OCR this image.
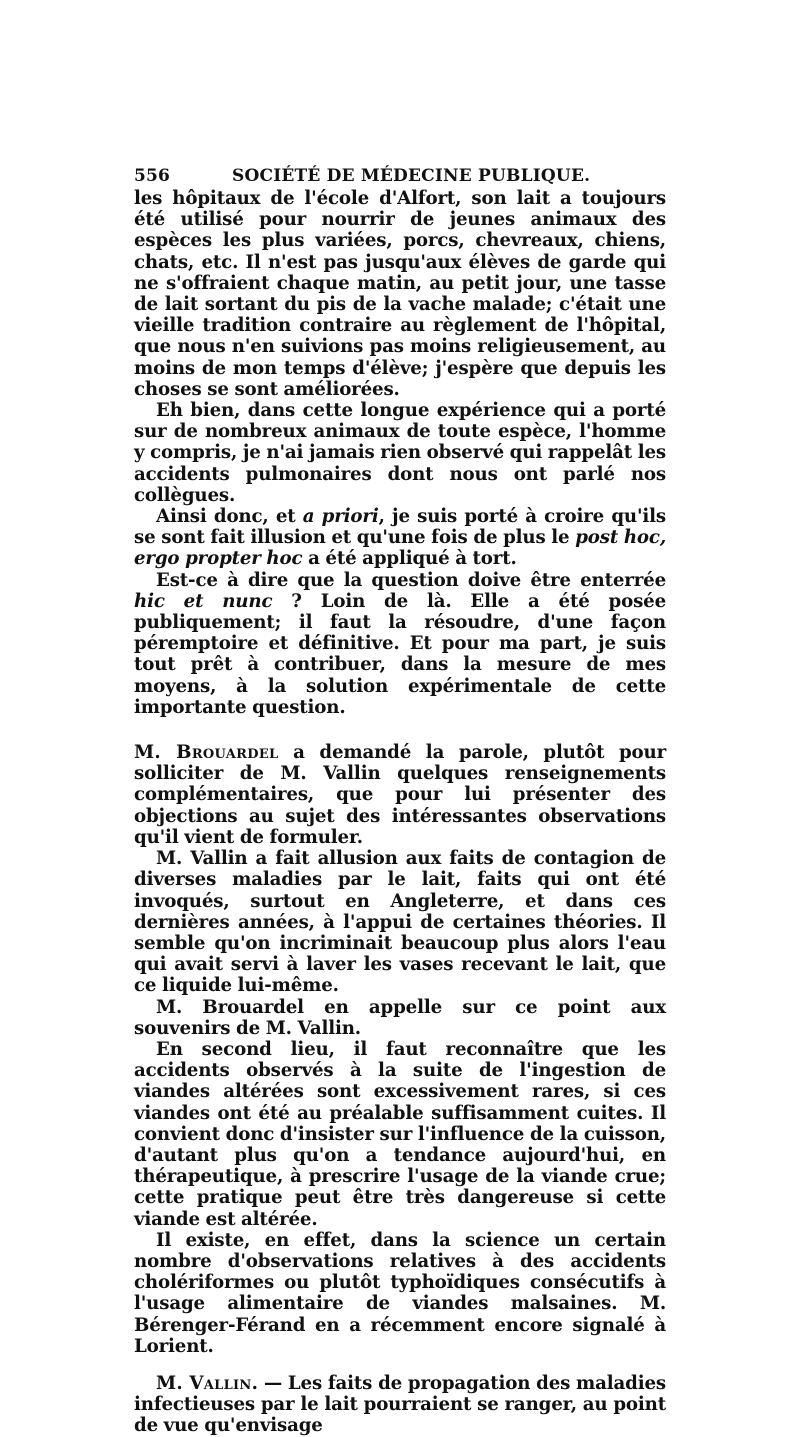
556	SOCIÉTÉ DE MÉDECINE PUBLIQUE.

les hôpitaux de l'école d'Alfort, son lait a toujours été utilisé pour nourrir de jeunes animaux des espèces les plus variées, porcs, chevreaux, chiens, chats, etc. Il n'est pas jusqu'aux élèves de garde qui ne s'offraient chaque matin, au petit jour, une tasse de lait sortant du pis de la vache malade; c'était une vieille tradition contraire au règlement de l'hôpital, que nous n'en suivions pas moins religieusement, au moins de mon temps d'élève; j'espère que depuis les choses se sont améliorées.

Eh bien, dans cette longue expérience qui a porté sur de nombreux animaux de toute espèce, l'homme y compris, je n'ai jamais rien observé qui rappelât les accidents pulmonaires dont nous ont parlé nos collègues.

Ainsi donc, et a priori, je suis porté à croire qu'ils se sont fait illusion et qu'une fois de plus le post hoc, ergo propter hoc a été appliqué à tort.

Est-ce à dire que la question doive être enterrée hic et nunc ? Loin de là. Elle a été posée publiquement; il faut la résoudre, d'une façon péremptoire et définitive. Et pour ma part, je suis tout prêt à contribuer, dans la mesure de mes moyens, à la solution expérimentale de cette importante question.

M. Brouardel a demandé la parole, plutôt pour solliciter de M. Vallin quelques renseignements complémentaires, que pour lui présenter des objections au sujet des intéressantes observations qu'il vient de formuler.

M. Vallin a fait allusion aux faits de contagion de diverses maladies par le lait, faits qui ont été invoqués, surtout en Angleterre, et dans ces dernières années, à l'appui de certaines théories. Il semble qu'on incriminait beaucoup plus alors l'eau qui avait servi à laver les vases recevant le lait, que ce liquide lui-même.

M. Brouardel en appelle sur ce point aux souvenirs de M. Vallin.

En second lieu, il faut reconnaître que les accidents observés à la suite de l'ingestion de viandes altérées sont excessivement rares, si ces viandes ont été au préalable suffisamment cuites. Il convient donc d'insister sur l'influence de la cuisson, d'autant plus qu'on a tendance aujourd'hui, en thérapeutique, à prescrire l'usage de la viande crue; cette pratique peut être très dangereuse si cette viande est altérée.

Il existe, en effet, dans la science un certain nombre d'observations relatives à des accidents cholériformes ou plutôt typhoïdiques consécutifs à l'usage alimentaire de viandes malsaines. M. Bérenger-Férand en a récemment encore signalé à Lorient.

M. Vallin. — Les faits de propagation des maladies infectieuses par le lait pourraient se ranger, au point de vue qu'envisage
